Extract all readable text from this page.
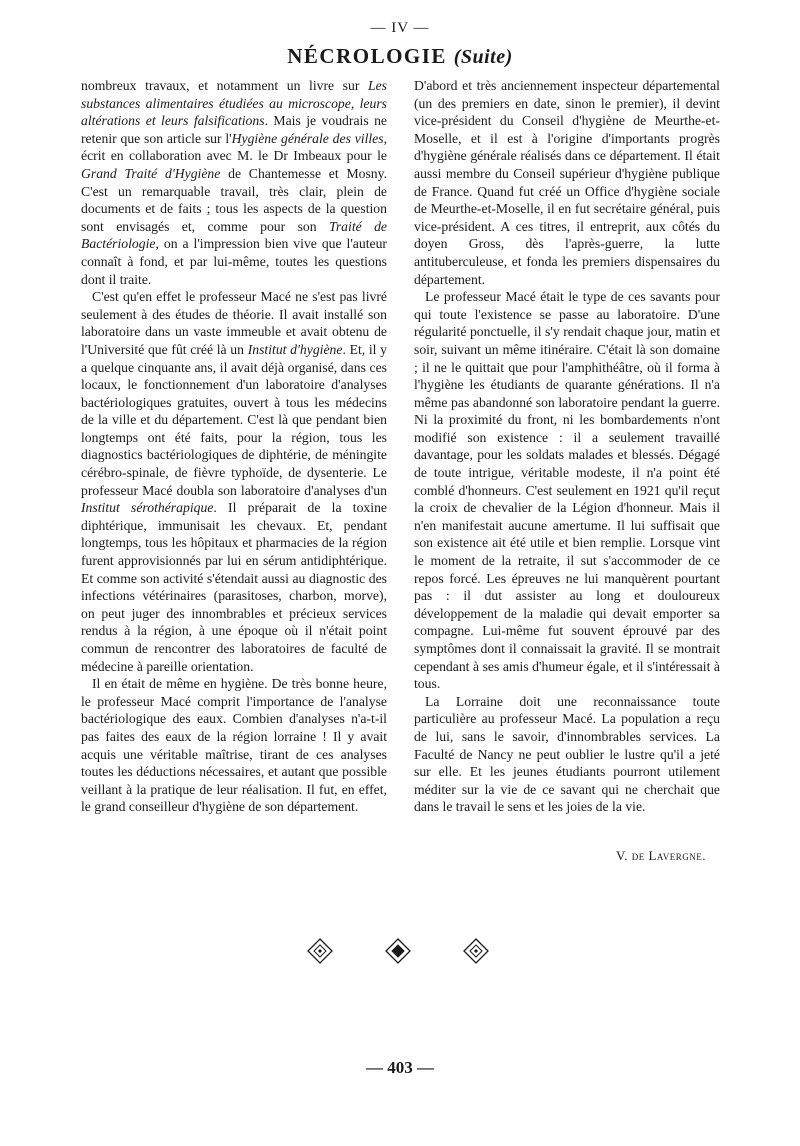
— IV —
NÉCROLOGIE (Suite)

nombreux travaux, et notamment un livre sur Les substances alimentaires étudiées au microscope, leurs altérations et leurs falsifications. Mais je voudrais ne retenir que son article sur l'Hygiène générale des villes, écrit en collaboration avec M. le Dr Imbeaux pour le Grand Traité d'Hygiène de Chantemesse et Mosny. C'est un remarquable travail, très clair, plein de documents et de faits ; tous les aspects de la question sont envisagés et, comme pour son Traité de Bactériologie, on a l'impression bien vive que l'auteur connaît à fond, et par lui-même, toutes les questions dont il traite.

C'est qu'en effet le professeur Macé ne s'est pas livré seulement à des études de théorie. Il avait installé son laboratoire dans un vaste immeuble et avait obtenu de l'Université que fût créé là un Institut d'hygiène. Et, il y a quelque cinquante ans, il avait déjà organisé, dans ces locaux, le fonctionnement d'un laboratoire d'analyses bactériologiques gratuites, ouvert à tous les médecins de la ville et du département. C'est là que pendant bien longtemps ont été faits, pour la région, tous les diagnostics bactériologiques de diphtérie, de méningite cérébro-spinale, de fièvre typhoïde, de dysenterie. Le professeur Macé doubla son laboratoire d'analyses d'un Institut sérothérapique. Il préparait de la toxine diphtérique, immunisait les chevaux. Et, pendant longtemps, tous les hôpitaux et pharmacies de la région furent approvisionnés par lui en sérum antidiphtérique. Et comme son activité s'étendait aussi au diagnostic des infections vétérinaires (parasitoses, charbon, morve), on peut juger des innombrables et précieux services rendus à la région, à une époque où il n'était point commun de rencontrer des laboratoires de faculté de médecine à pareille orientation.

Il en était de même en hygiène. De très bonne heure, le professeur Macé comprit l'importance de l'analyse bactériologique des eaux. Combien d'analyses n'a-t-il pas faites des eaux de la région lorraine ! Il y avait acquis une véritable maîtrise, tirant de ces analyses toutes les déductions nécessaires, et autant que possible veillant à la pratique de leur réalisation. Il fut, en effet, le grand conseilleur d'hygiène de son département.

D'abord et très anciennement inspecteur départemental (un des premiers en date, sinon le premier), il devint vice-président du Conseil d'hygiène de Meurthe-et-Moselle, et il est à l'origine d'importants progrès d'hygiène générale réalisés dans ce département. Il était aussi membre du Conseil supérieur d'hygiène publique de France. Quand fut créé un Office d'hygiène sociale de Meurthe-et-Moselle, il en fut secrétaire général, puis vice-président. A ces titres, il entreprit, aux côtés du doyen Gross, dès l'après-guerre, la lutte antituberculeuse, et fonda les premiers dispensaires du département.

Le professeur Macé était le type de ces savants pour qui toute l'existence se passe au laboratoire. D'une régularité ponctuelle, il s'y rendait chaque jour, matin et soir, suivant un même itinéraire. C'était là son domaine ; il ne le quittait que pour l'amphithéâtre, où il forma à l'hygiène les étudiants de quarante générations. Il n'a même pas abandonné son laboratoire pendant la guerre. Ni la proximité du front, ni les bombardements n'ont modifié son existence : il a seulement travaillé davantage, pour les soldats malades et blessés. Dégagé de toute intrigue, véritable modeste, il n'a point été comblé d'honneurs. C'est seulement en 1921 qu'il reçut la croix de chevalier de la Légion d'honneur. Mais il n'en manifestait aucune amertume. Il lui suffisait que son existence ait été utile et bien remplie. Lorsque vint le moment de la retraite, il sut s'accommoder de ce repos forcé. Les épreuves ne lui manquèrent pourtant pas : il dut assister au long et douloureux développement de la maladie qui devait emporter sa compagne. Lui-même fut souvent éprouvé par des symptômes dont il connaissait la gravité. Il se montrait cependant à ses amis d'humeur égale, et il s'intéressait à tous.

La Lorraine doit une reconnaissance toute particulière au professeur Macé. La population a reçu de lui, sans le savoir, d'innombrables services. La Faculté de Nancy ne peut oublier le lustre qu'il a jeté sur elle. Et les jeunes étudiants pourront utilement méditer sur la vie de ce savant qui ne cherchait que dans le travail le sens et les joies de la vie.

V. de Lavergne.
— 403 —
